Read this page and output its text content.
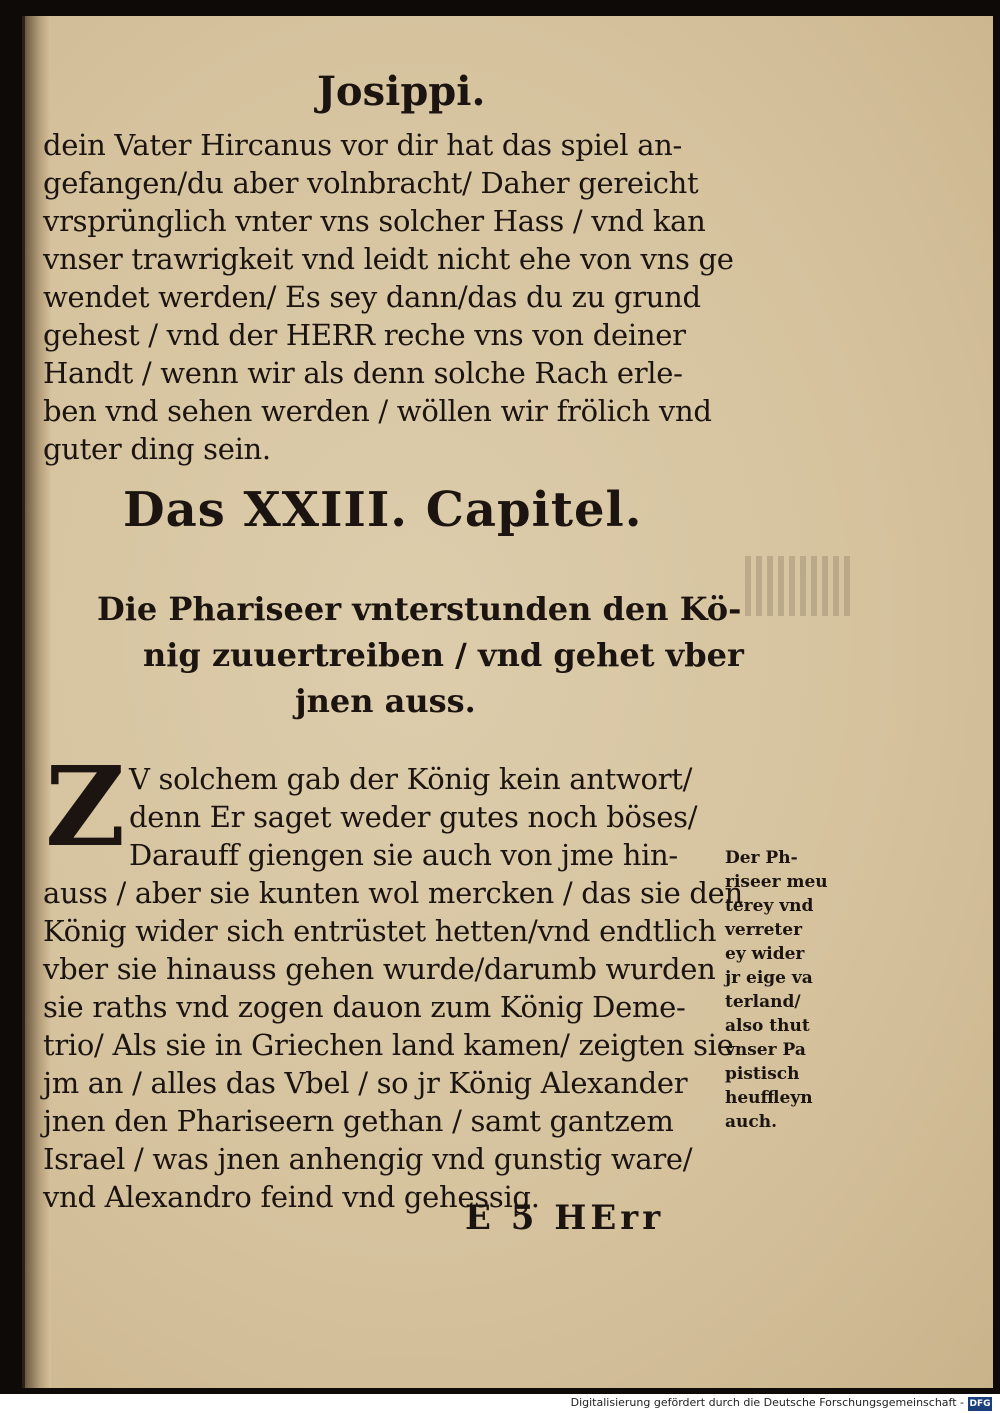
Josippi.
dein Vater Hircanus vor dir hat das spiel an-
gefangen/du aber volnbracht/ Daher gereicht
vrsprünglich vnter vns solcher Hass / vnd kan
vnser trawrigkeit vnd leidt nicht ehe von vns ge
wendet werden/ Es sey dann/das du zu grund
gehest / vnd der HERR reche vns von deiner
Handt / wenn wir als denn solche Rach erle-
ben vnd sehen werden / wöllen wir frölich vnd
guter ding sein.
Das XXIII. Capitel.
Die Phariseer vnterstunden den Kö-
nig zuuertreiben / vnd gehet vber
jnen auss.
Z V solchem gab der König kein antwort/
denn Er saget weder gutes noch böses/
Darauff giengen sie auch von jme hin-
auss / aber sie kunten wol mercken / das sie den
König wider sich entrüstet hetten/vnd endtlich
vber sie hinauss gehen wurde/darumb wurden
sie raths vnd zogen dauon zum König Deme-
trio/ Als sie in Griechen land kamen/ zeigten sie
jm an / alles das Vbel / so jr König Alexander
jnen den Phariseern gethan / samt gantzem
Israel / was jnen anhengig vnd gunstig ware/
vnd Alexandro feind vnd gehessig.
Der Ph-
riseer meu
terey vnd
verreter
ey wider
jr eige va
terland/
also thut
vnser Pa
pistisch
heuffleyn
auch.
E 5 HErr
Digitalisierung gefördert durch die Deutsche Forschungsgemeinschaft - DFG
